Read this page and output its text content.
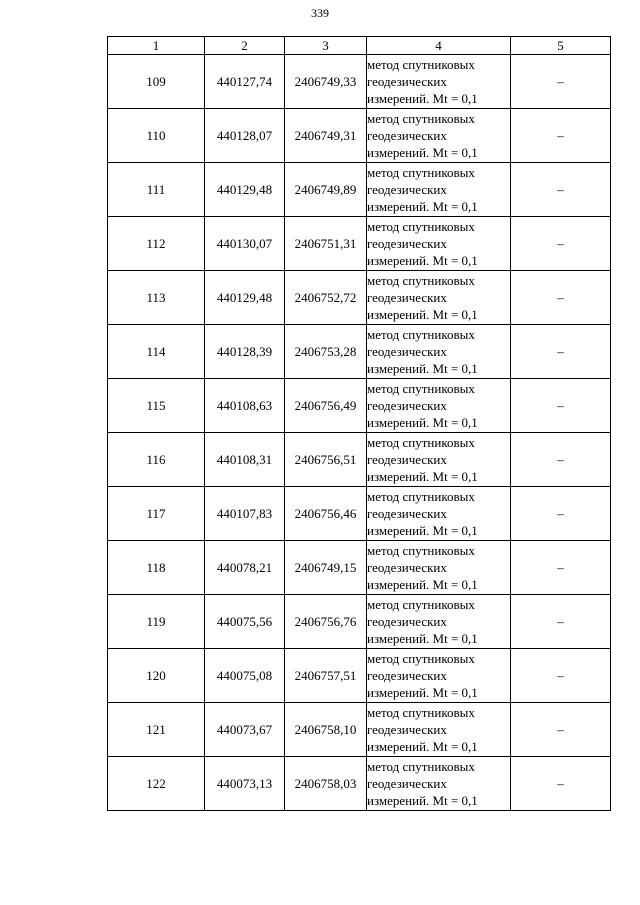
339
1	2	3	4	5
109	440127,74	2406749,33	метод спутниковых
геодезических
измерений. Mt = 0,1	–
110	440128,07	2406749,31	метод спутниковых
геодезических
измерений. Mt = 0,1	–
111	440129,48	2406749,89	метод спутниковых
геодезических
измерений. Mt = 0,1	–
112	440130,07	2406751,31	метод спутниковых
геодезических
измерений. Mt = 0,1	–
113	440129,48	2406752,72	метод спутниковых
геодезических
измерений. Mt = 0,1	–
114	440128,39	2406753,28	метод спутниковых
геодезических
измерений. Mt = 0,1	–
115	440108,63	2406756,49	метод спутниковых
геодезических
измерений. Mt = 0,1	–
116	440108,31	2406756,51	метод спутниковых
геодезических
измерений. Mt = 0,1	–
117	440107,83	2406756,46	метод спутниковых
геодезических
измерений. Mt = 0,1	–
118	440078,21	2406749,15	метод спутниковых
геодезических
измерений. Mt = 0,1	–
119	440075,56	2406756,76	метод спутниковых
геодезических
измерений. Mt = 0,1	–
120	440075,08	2406757,51	метод спутниковых
геодезических
измерений. Mt = 0,1	–
121	440073,67	2406758,10	метод спутниковых
геодезических
измерений. Mt = 0,1	–
122	440073,13	2406758,03	метод спутниковых
геодезических
измерений. Mt = 0,1	–
